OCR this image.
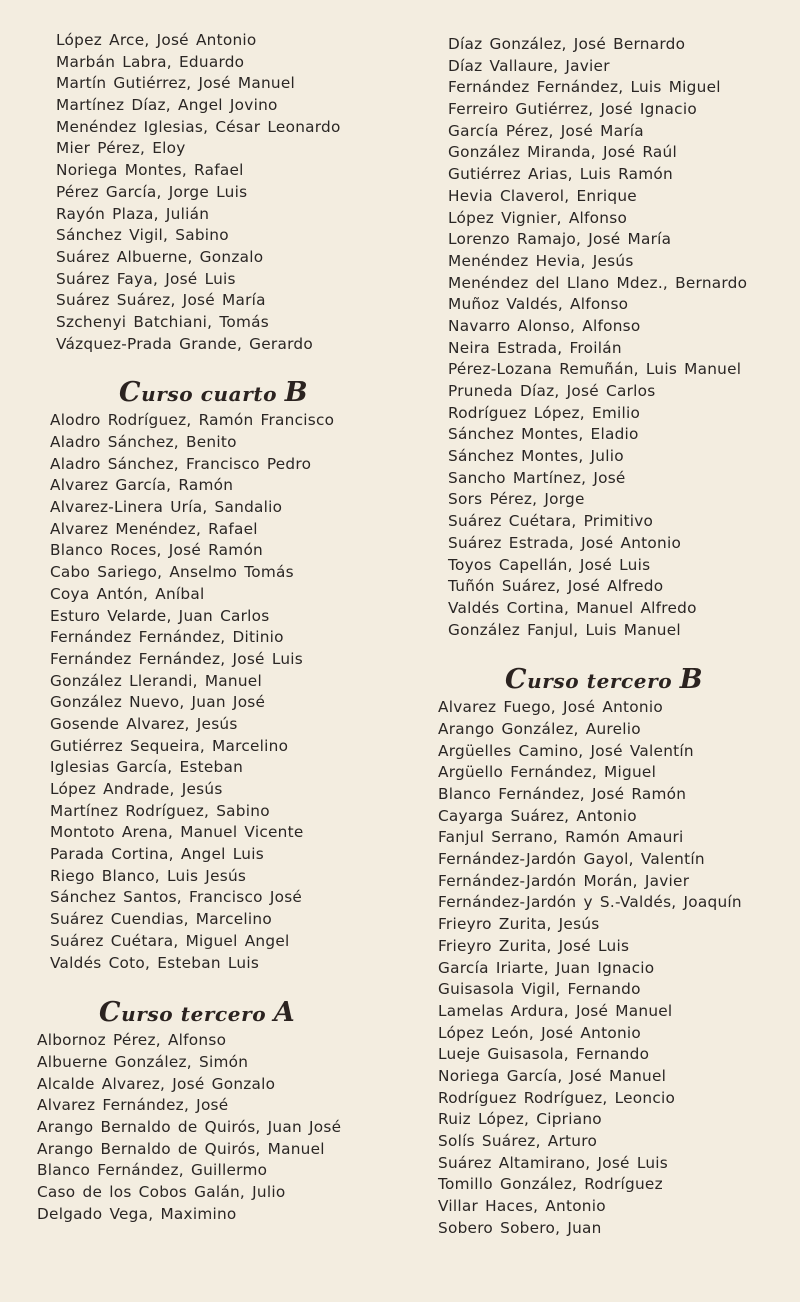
López Arce, José Antonio
Marbán Labra, Eduardo
Martín Gutiérrez, José Manuel
Martínez Díaz, Angel Jovino
Menéndez Iglesias, César Leonardo
Mier Pérez, Eloy
Noriega Montes, Rafael
Pérez García, Jorge Luis
Rayón Plaza, Julián
Sánchez Vigil, Sabino
Suárez Albuerne, Gonzalo
Suárez Faya, José Luis
Suárez Suárez, José María
Szchenyi Batchiani, Tomás
Vázquez-Prada Grande, Gerardo
Curso cuarto B
Alodro Rodríguez, Ramón Francisco
Aladro Sánchez, Benito
Aladro Sánchez, Francisco Pedro
Alvarez García, Ramón
Alvarez-Linera Uría, Sandalio
Alvarez Menéndez, Rafael
Blanco Roces, José Ramón
Cabo Sariego, Anselmo Tomás
Coya Antón, Aníbal
Esturo Velarde, Juan Carlos
Fernández Fernández, Ditinio
Fernández Fernández, José Luis
González Llerandi, Manuel
González Nuevo, Juan José
Gosende Alvarez, Jesús
Gutiérrez Sequeira, Marcelino
Iglesias García, Esteban
López Andrade, Jesús
Martínez Rodríguez, Sabino
Montoto Arena, Manuel Vicente
Parada Cortina, Angel Luis
Riego Blanco, Luis Jesús
Sánchez Santos, Francisco José
Suárez Cuendias, Marcelino
Suárez Cuétara, Miguel Angel
Valdés Coto, Esteban Luis
Curso tercero A
Albornoz Pérez, Alfonso
Albuerne González, Simón
Alcalde Alvarez, José Gonzalo
Alvarez Fernández, José
Arango Bernaldo de Quirós, Juan José
Arango Bernaldo de Quirós, Manuel
Blanco Fernández, Guillermo
Caso de los Cobos Galán, Julio
Delgado Vega, Maximino
Díaz González, José Bernardo
Díaz Vallaure, Javier
Fernández Fernández, Luis Miguel
Ferreiro Gutiérrez, José Ignacio
García Pérez, José María
González Miranda, José Raúl
Gutiérrez Arias, Luis Ramón
Hevia Claverol, Enrique
López Vignier, Alfonso
Lorenzo Ramajo, José María
Menéndez Hevia, Jesús
Menéndez del Llano Mdez., Bernardo
Muñoz Valdés, Alfonso
Navarro Alonso, Alfonso
Neira Estrada, Froilán
Pérez-Lozana Remuñán, Luis Manuel
Pruneda Díaz, José Carlos
Rodríguez López, Emilio
Sánchez Montes, Eladio
Sánchez Montes, Julio
Sancho Martínez, José
Sors Pérez, Jorge
Suárez Cuétara, Primitivo
Suárez Estrada, José Antonio
Toyos Capellán, José Luis
Tuñón Suárez, José Alfredo
Valdés Cortina, Manuel Alfredo
González Fanjul, Luis Manuel
Curso tercero B
Alvarez Fuego, José Antonio
Arango González, Aurelio
Argüelles Camino, José Valentín
Argüello Fernández, Miguel
Blanco Fernández, José Ramón
Cayarga Suárez, Antonio
Fanjul Serrano, Ramón Amauri
Fernández-Jardón Gayol, Valentín
Fernández-Jardón Morán, Javier
Fernández-Jardón y S.-Valdés, Joaquín
Frieyro Zurita, Jesús
Frieyro Zurita, José Luis
García Iriarte, Juan Ignacio
Guisasola Vigil, Fernando
Lamelas Ardura, José Manuel
López León, José Antonio
Lueje Guisasola, Fernando
Noriega García, José Manuel
Rodríguez Rodríguez, Leoncio
Ruiz López, Cipriano
Solís Suárez, Arturo
Suárez Altamirano, José Luis
Tomillo González, Rodríguez
Villar Haces, Antonio
Sobero Sobero, Juan
